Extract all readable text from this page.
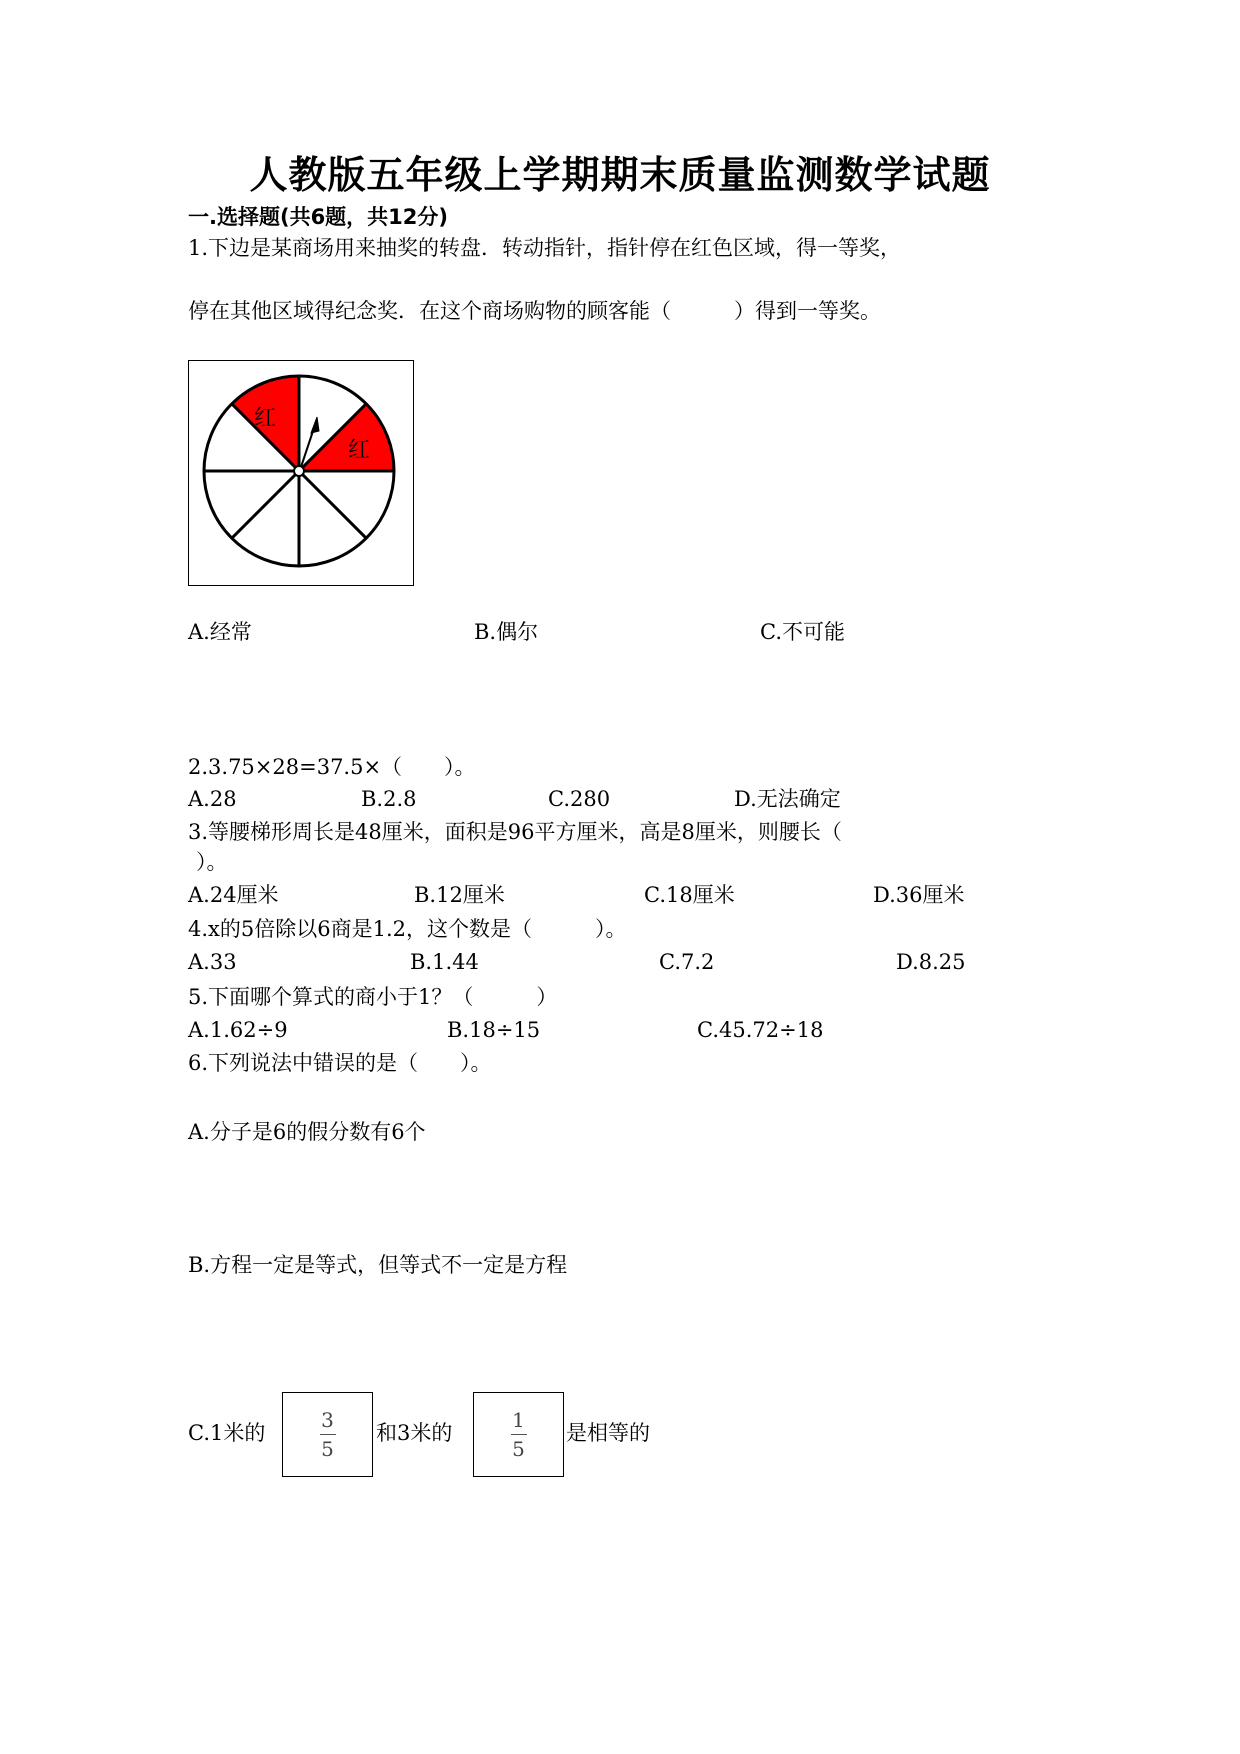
人教版五年级上学期期末质量监测数学试题
一.选择题(共6题，共12分)
1.下边是某商场用来抽奖的转盘．转动指针，指针停在红色区域，得一等奖，
停在其他区域得纪念奖．在这个商场购物的顾客能（　　　）得到一等奖。
红
红
A.经常	B.偶尔	C.不可能
2.3.75×28=37.5×（　　）。
A.28	B.2.8	C.280	D.无法确定
3.等腰梯形周长是48厘米，面积是96平方厘米，高是8厘米，则腰长（
）。
A.24厘米	B.12厘米	C.18厘米	D.36厘米
4.x的5倍除以6商是1.2，这个数是（　　　）。
A.33	B.1.44	C.7.2	D.8.25
5.下面哪个算式的商小于1？（　　　）
A.1.62÷9	B.18÷15	C.45.72÷18
6.下列说法中错误的是（　　）。
A.分子是6的假分数有6个
B.方程一定是等式，但等式不一定是方程
C.1米的
3
5
和3米的
1
5
是相等的
